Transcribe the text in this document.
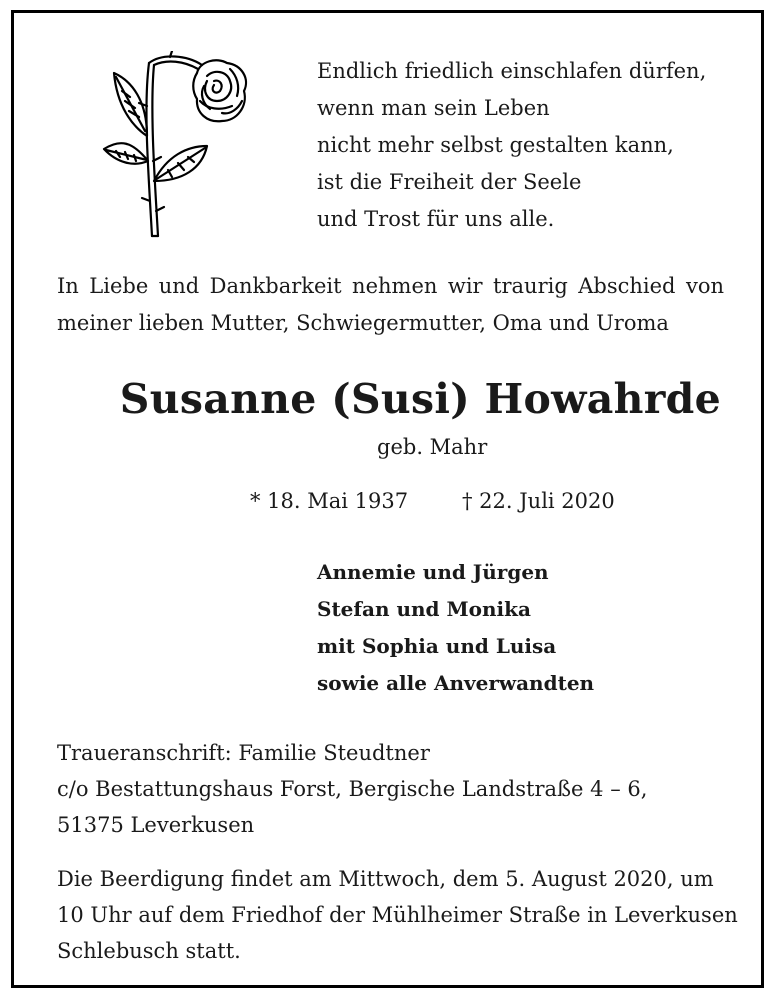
Endlich friedlich einschlafen dürfen,
wenn man sein Leben
nicht mehr selbst gestalten kann,
ist die Freiheit der Seele
und Trost für uns alle.
In Liebe und Dankbarkeit nehmen wir traurig Abschied von
meiner lieben Mutter, Schwiegermutter, Oma und Uroma
Susanne (Susi) Howahrde
geb. Mahr
* 18. Mai 1937	† 22. Juli 2020
Annemie und Jürgen
Stefan und Monika
mit Sophia und Luisa
sowie alle Anverwandten
Traueranschrift: Familie Steudtner
c/o Bestattungshaus Forst, Bergische Landstraße 4 – 6,
51375 Leverkusen
Die Beerdigung findet am Mittwoch, dem 5. August 2020, um
10 Uhr auf dem Friedhof der Mühlheimer Straße in Leverkusen
Schlebusch statt.
